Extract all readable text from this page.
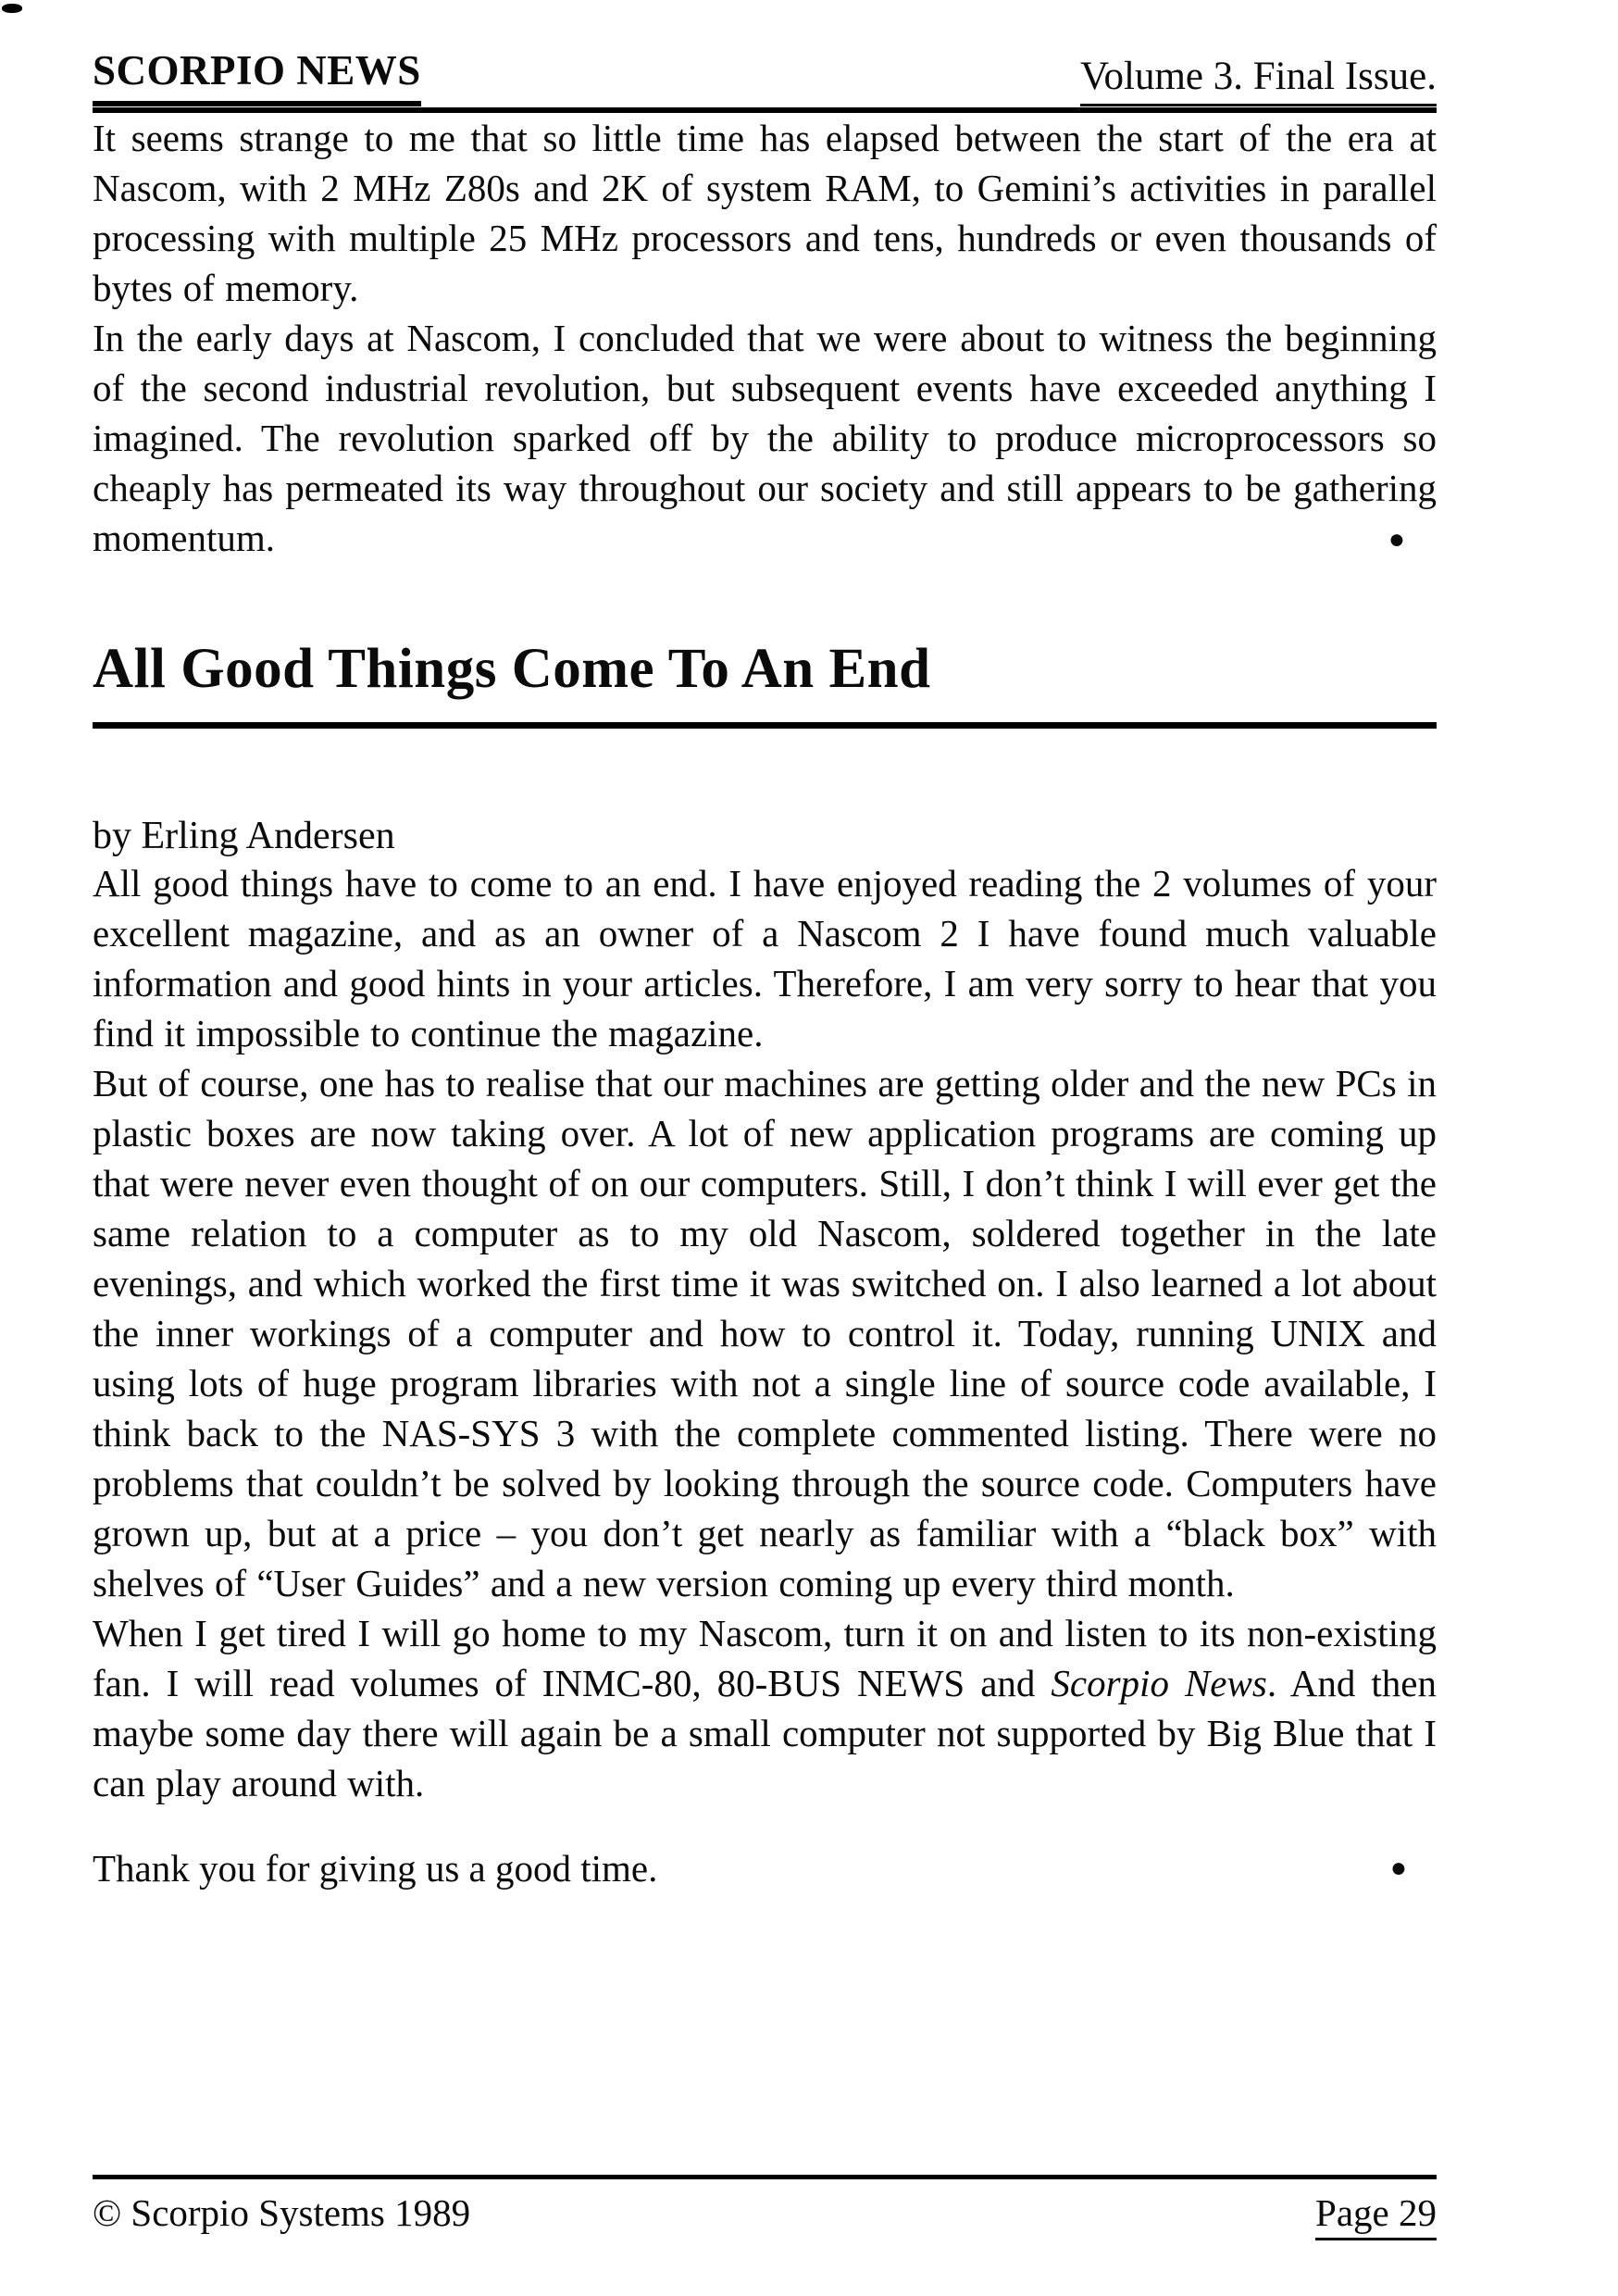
SCORPIO NEWS	Volume 3. Final Issue.

It seems strange to me that so little time has elapsed between the start of the era at Nascom, with 2 MHz Z80s and 2K of system RAM, to Gemini’s activities in parallel processing with multiple 25 MHz processors and tens, hundreds or even thousands of bytes of memory.

In the early days at Nascom, I concluded that we were about to witness the beginning of the second industrial revolution, but subsequent events have exceeded anything I imagined. The revolution sparked off by the ability to produce microprocessors so cheaply has permeated its way throughout our society and still appears to be gathering momentum.	●

All Good Things Come To An End
by Erling Andersen

All good things have to come to an end. I have enjoyed reading the 2 volumes of your excellent magazine, and as an owner of a Nascom 2 I have found much valuable information and good hints in your articles. Therefore, I am very sorry to hear that you find it impossible to continue the magazine.

But of course, one has to realise that our machines are getting older and the new PCs in plastic boxes are now taking over. A lot of new application programs are coming up that were never even thought of on our computers. Still, I don’t think I will ever get the same relation to a computer as to my old Nascom, soldered together in the late evenings, and which worked the first time it was switched on. I also learned a lot about the inner workings of a computer and how to control it. Today, running UNIX and using lots of huge program libraries with not a single line of source code available, I think back to the NAS-SYS 3 with the complete commented listing. There were no problems that couldn’t be solved by looking through the source code. Computers have grown up, but at a price – you don’t get nearly as familiar with a “black box” with shelves of “User Guides” and a new version coming up every third month.

When I get tired I will go home to my Nascom, turn it on and listen to its non-existing fan. I will read volumes of INMC-80, 80-BUS NEWS and Scorpio News. And then maybe some day there will again be a small computer not supported by Big Blue that I can play around with.

Thank you for giving us a good time.	●
© Scorpio Systems 1989	Page 29
